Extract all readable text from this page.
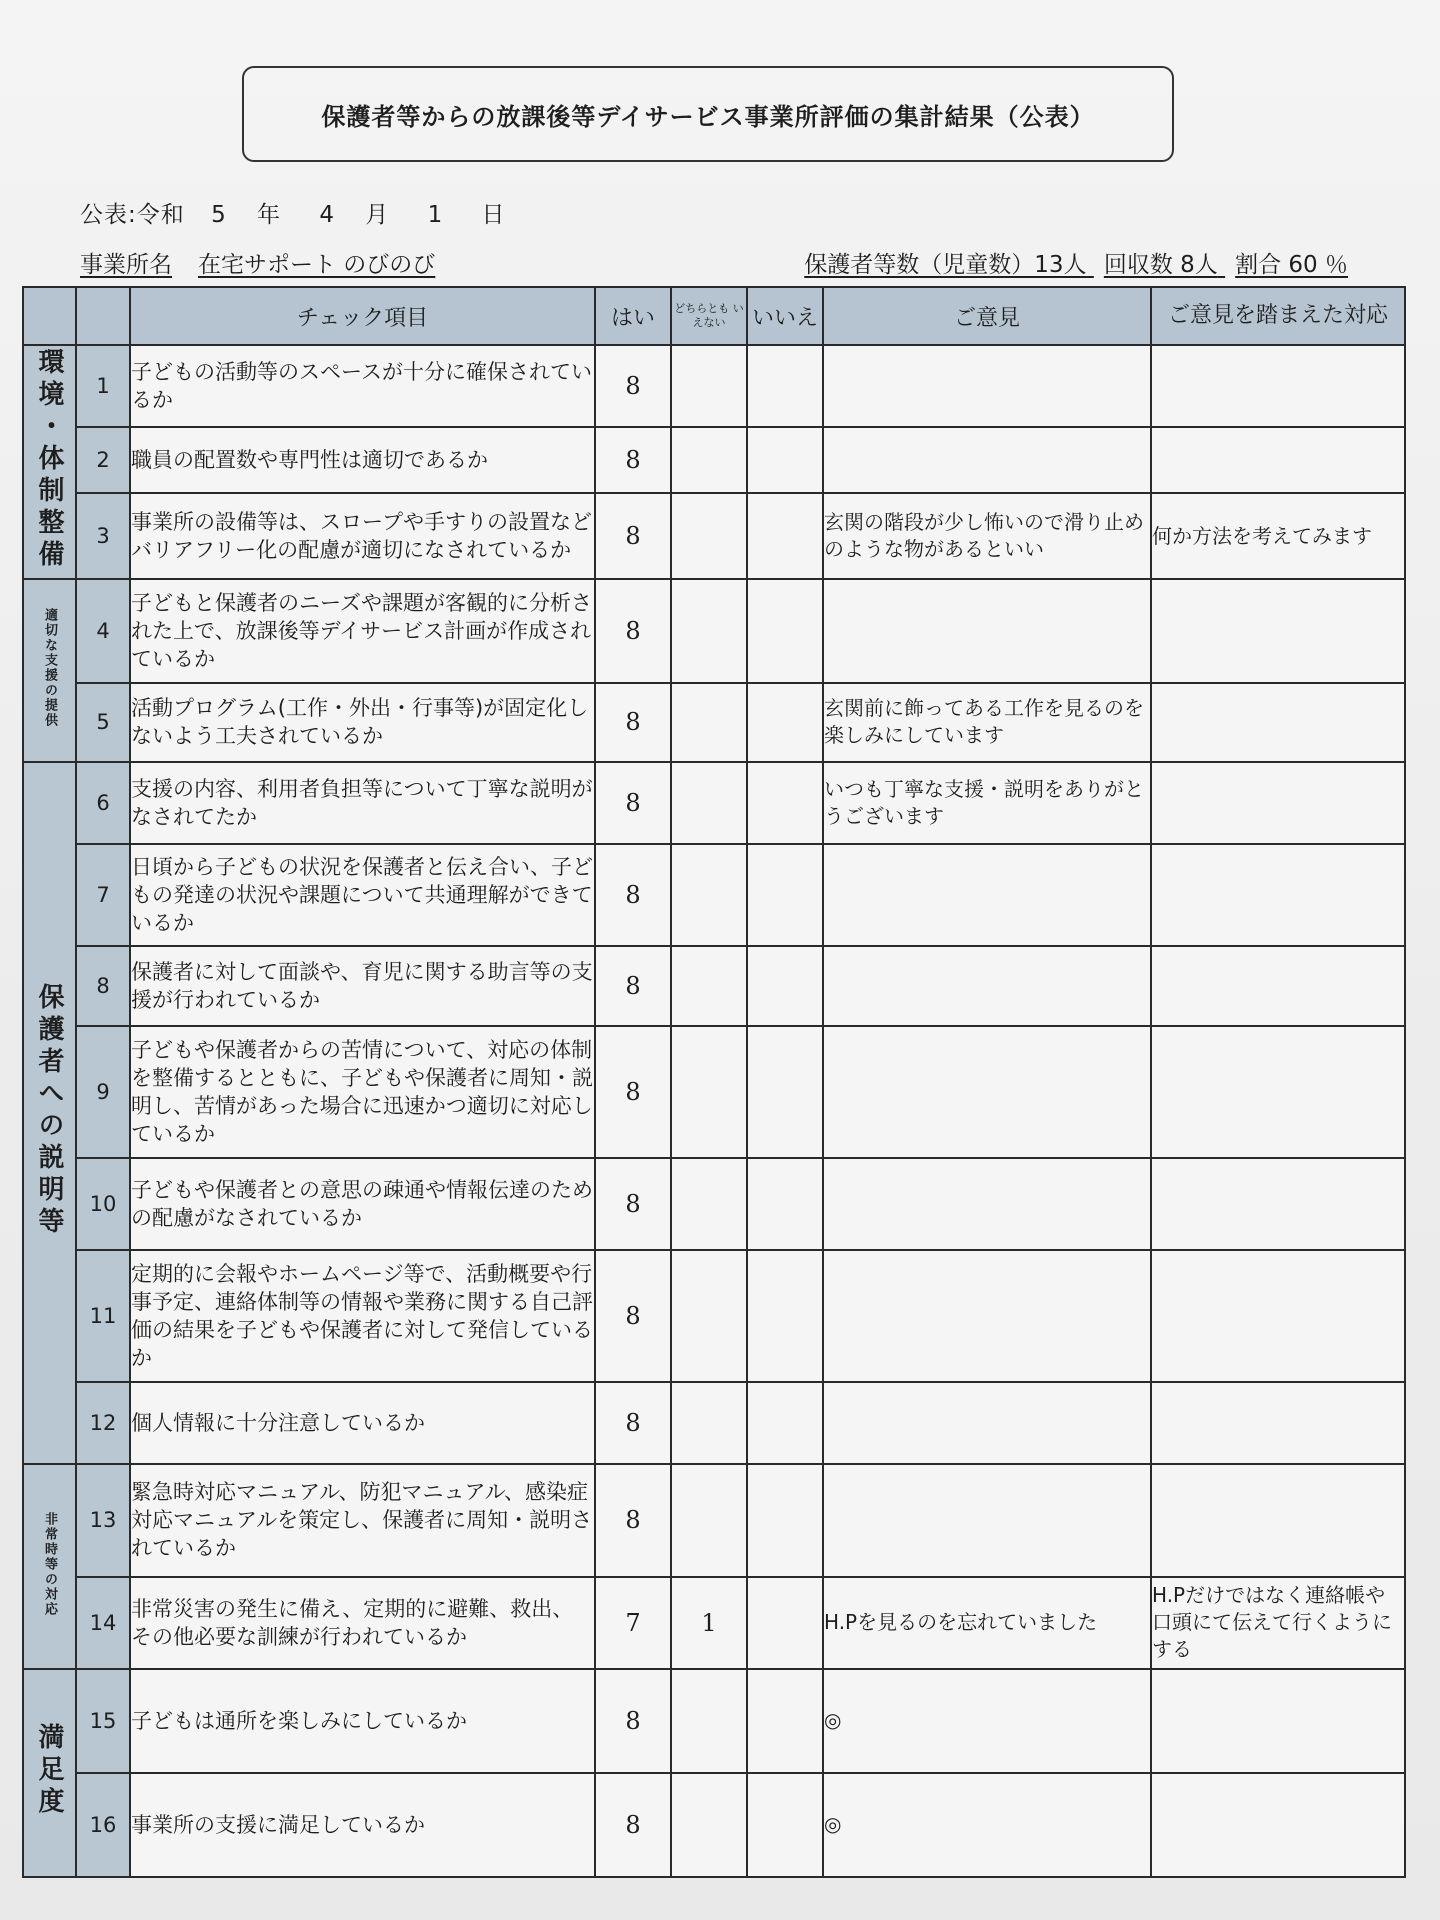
保護者等からの放課後等デイサービス事業所評価の集計結果（公表）
公表:令和 5 年 4 月 1 日
事業所名 在宅サポート のびのび	保護者等数（児童数）13人 回収数 8人 割合 60 ％
		チェック項目	はい	どちらとも いえない	いいえ	ご意見	ご意見を踏まえた対応
環境・体制整備	1	子どもの活動等のスペースが十分に確保されているか	8				
	2	職員の配置数や専門性は適切であるか	8				
	3	事業所の設備等は、スロープや手すりの設置などバリアフリー化の配慮が適切になされているか	8			玄関の階段が少し怖いので滑り止めのような物があるといい	何か方法を考えてみます
適切な支援の提供	4	子どもと保護者のニーズや課題が客観的に分析された上で、放課後等デイサービス計画が作成されているか	8				
	5	活動プログラム(工作・外出・行事等)が固定化しないよう工夫されているか	8			玄関前に飾ってある工作を見るのを楽しみにしています	
保護者への説明等	6	支援の内容、利用者負担等について丁寧な説明がなされてたか	8			いつも丁寧な支援・説明をありがとうございます	
	7	日頃から子どもの状況を保護者と伝え合い、子どもの発達の状況や課題について共通理解ができているか	8				
	8	保護者に対して面談や、育児に関する助言等の支援が行われているか	8				
	9	子どもや保護者からの苦情について、対応の体制を整備するとともに、子どもや保護者に周知・説明し、苦情があった場合に迅速かつ適切に対応しているか	8				
	10	子どもや保護者との意思の疎通や情報伝達のための配慮がなされているか	8				
	11	定期的に会報やホームページ等で、活動概要や行事予定、連絡体制等の情報や業務に関する自己評価の結果を子どもや保護者に対して発信しているか	8				
	12	個人情報に十分注意しているか	8				
非常時等の対応	13	緊急時対応マニュアル、防犯マニュアル、感染症対応マニュアルを策定し、保護者に周知・説明されているか	8				
	14	非常災害の発生に備え、定期的に避難、救出、その他必要な訓練が行われているか	7	1		H.Pを見るのを忘れていました	H.Pだけではなく連絡帳や口頭にて伝えて行くようにする
満足度	15	子どもは通所を楽しみにしているか	8			◎	
	16	事業所の支援に満足しているか	8			◎	
